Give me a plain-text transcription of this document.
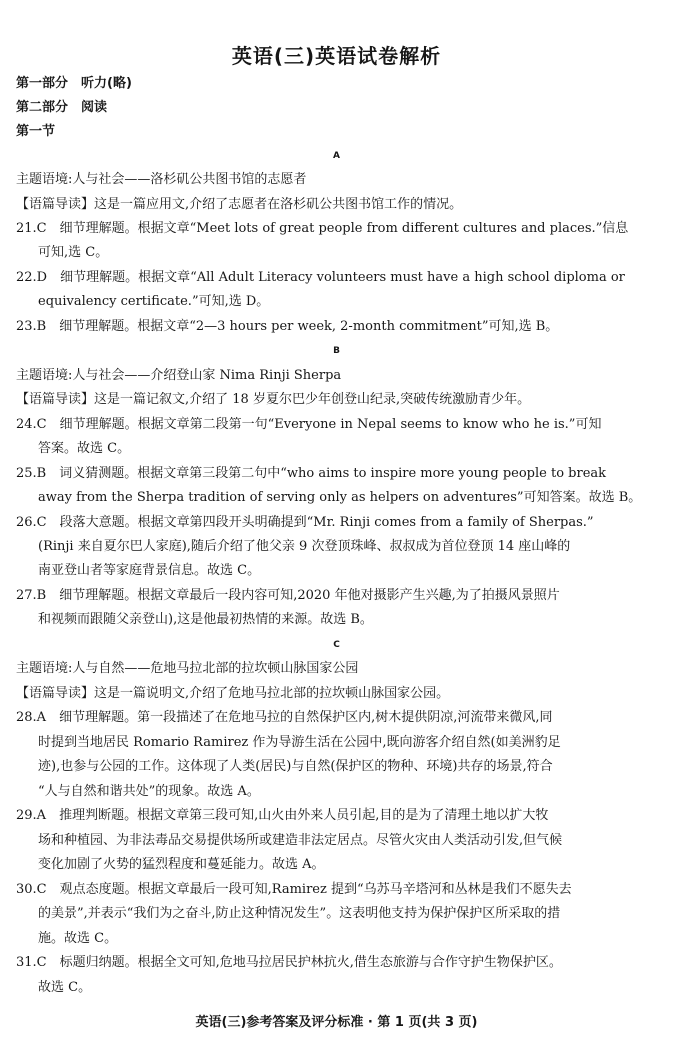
英语(三)英语试卷解析
第一部分　听力(略)
第二部分　阅读
第一节
A
主题语境:人与社会——洛杉矶公共图书馆的志愿者
【语篇导读】这是一篇应用文,介绍了志愿者在洛杉矶公共图书馆工作的情况。
21.C　细节理解题。根据文章“Meet lots of great people from different cultures and places.”信息
可知,选 C。
22.D　细节理解题。根据文章“All Adult Literacy volunteers must have a high school diploma or
equivalency certificate.”可知,选 D。
23.B　细节理解题。根据文章“2—3 hours per week, 2-month commitment”可知,选 B。
B
主题语境:人与社会——介绍登山家 Nima Rinji Sherpa
【语篇导读】这是一篇记叙文,介绍了 18 岁夏尔巴少年创登山纪录,突破传统激励青少年。
24.C　细节理解题。根据文章第二段第一句“Everyone in Nepal seems to know who he is.”可知
答案。故选 C。
25.B　词义猜测题。根据文章第三段第二句中“who aims to inspire more young people to break
away from the Sherpa tradition of serving only as helpers on adventures”可知答案。故选 B。
26.C　段落大意题。根据文章第四段开头明确提到“Mr. Rinji comes from a family of Sherpas.”
(Rinji 来自夏尔巴人家庭),随后介绍了他父亲 9 次登顶珠峰、叔叔成为首位登顶 14 座山峰的
南亚登山者等家庭背景信息。故选 C。
27.B　细节理解题。根据文章最后一段内容可知,2020 年他对摄影产生兴趣,为了拍摄风景照片
和视频而跟随父亲登山),这是他最初热情的来源。故选 B。
C
主题语境:人与自然——危地马拉北部的拉坎顿山脉国家公园
【语篇导读】这是一篇说明文,介绍了危地马拉北部的拉坎顿山脉国家公园。
28.A　细节理解题。第一段描述了在危地马拉的自然保护区内,树木提供阴凉,河流带来微风,同
时提到当地居民 Romario Ramirez 作为导游生活在公园中,既向游客介绍自然(如美洲豹足
迹),也参与公园的工作。这体现了人类(居民)与自然(保护区的物种、环境)共存的场景,符合
“人与自然和谐共处”的现象。故选 A。
29.A　推理判断题。根据文章第三段可知,山火由外来人员引起,目的是为了清理土地以扩大牧
场和种植园、为非法毒品交易提供场所或建造非法定居点。尽管火灾由人类活动引发,但气候
变化加剧了火势的猛烈程度和蔓延能力。故选 A。
30.C　观点态度题。根据文章最后一段可知,Ramirez 提到“乌苏马辛塔河和丛林是我们不愿失去
的美景”,并表示“我们为之奋斗,防止这种情况发生”。这表明他支持为保护保护区所采取的措
施。故选 C。
31.C　标题归纳题。根据全文可知,危地马拉居民护林抗火,借生态旅游与合作守护生物保护区。
故选 C。
英语(三)参考答案及评分标准 · 第 1 页(共 3 页)
